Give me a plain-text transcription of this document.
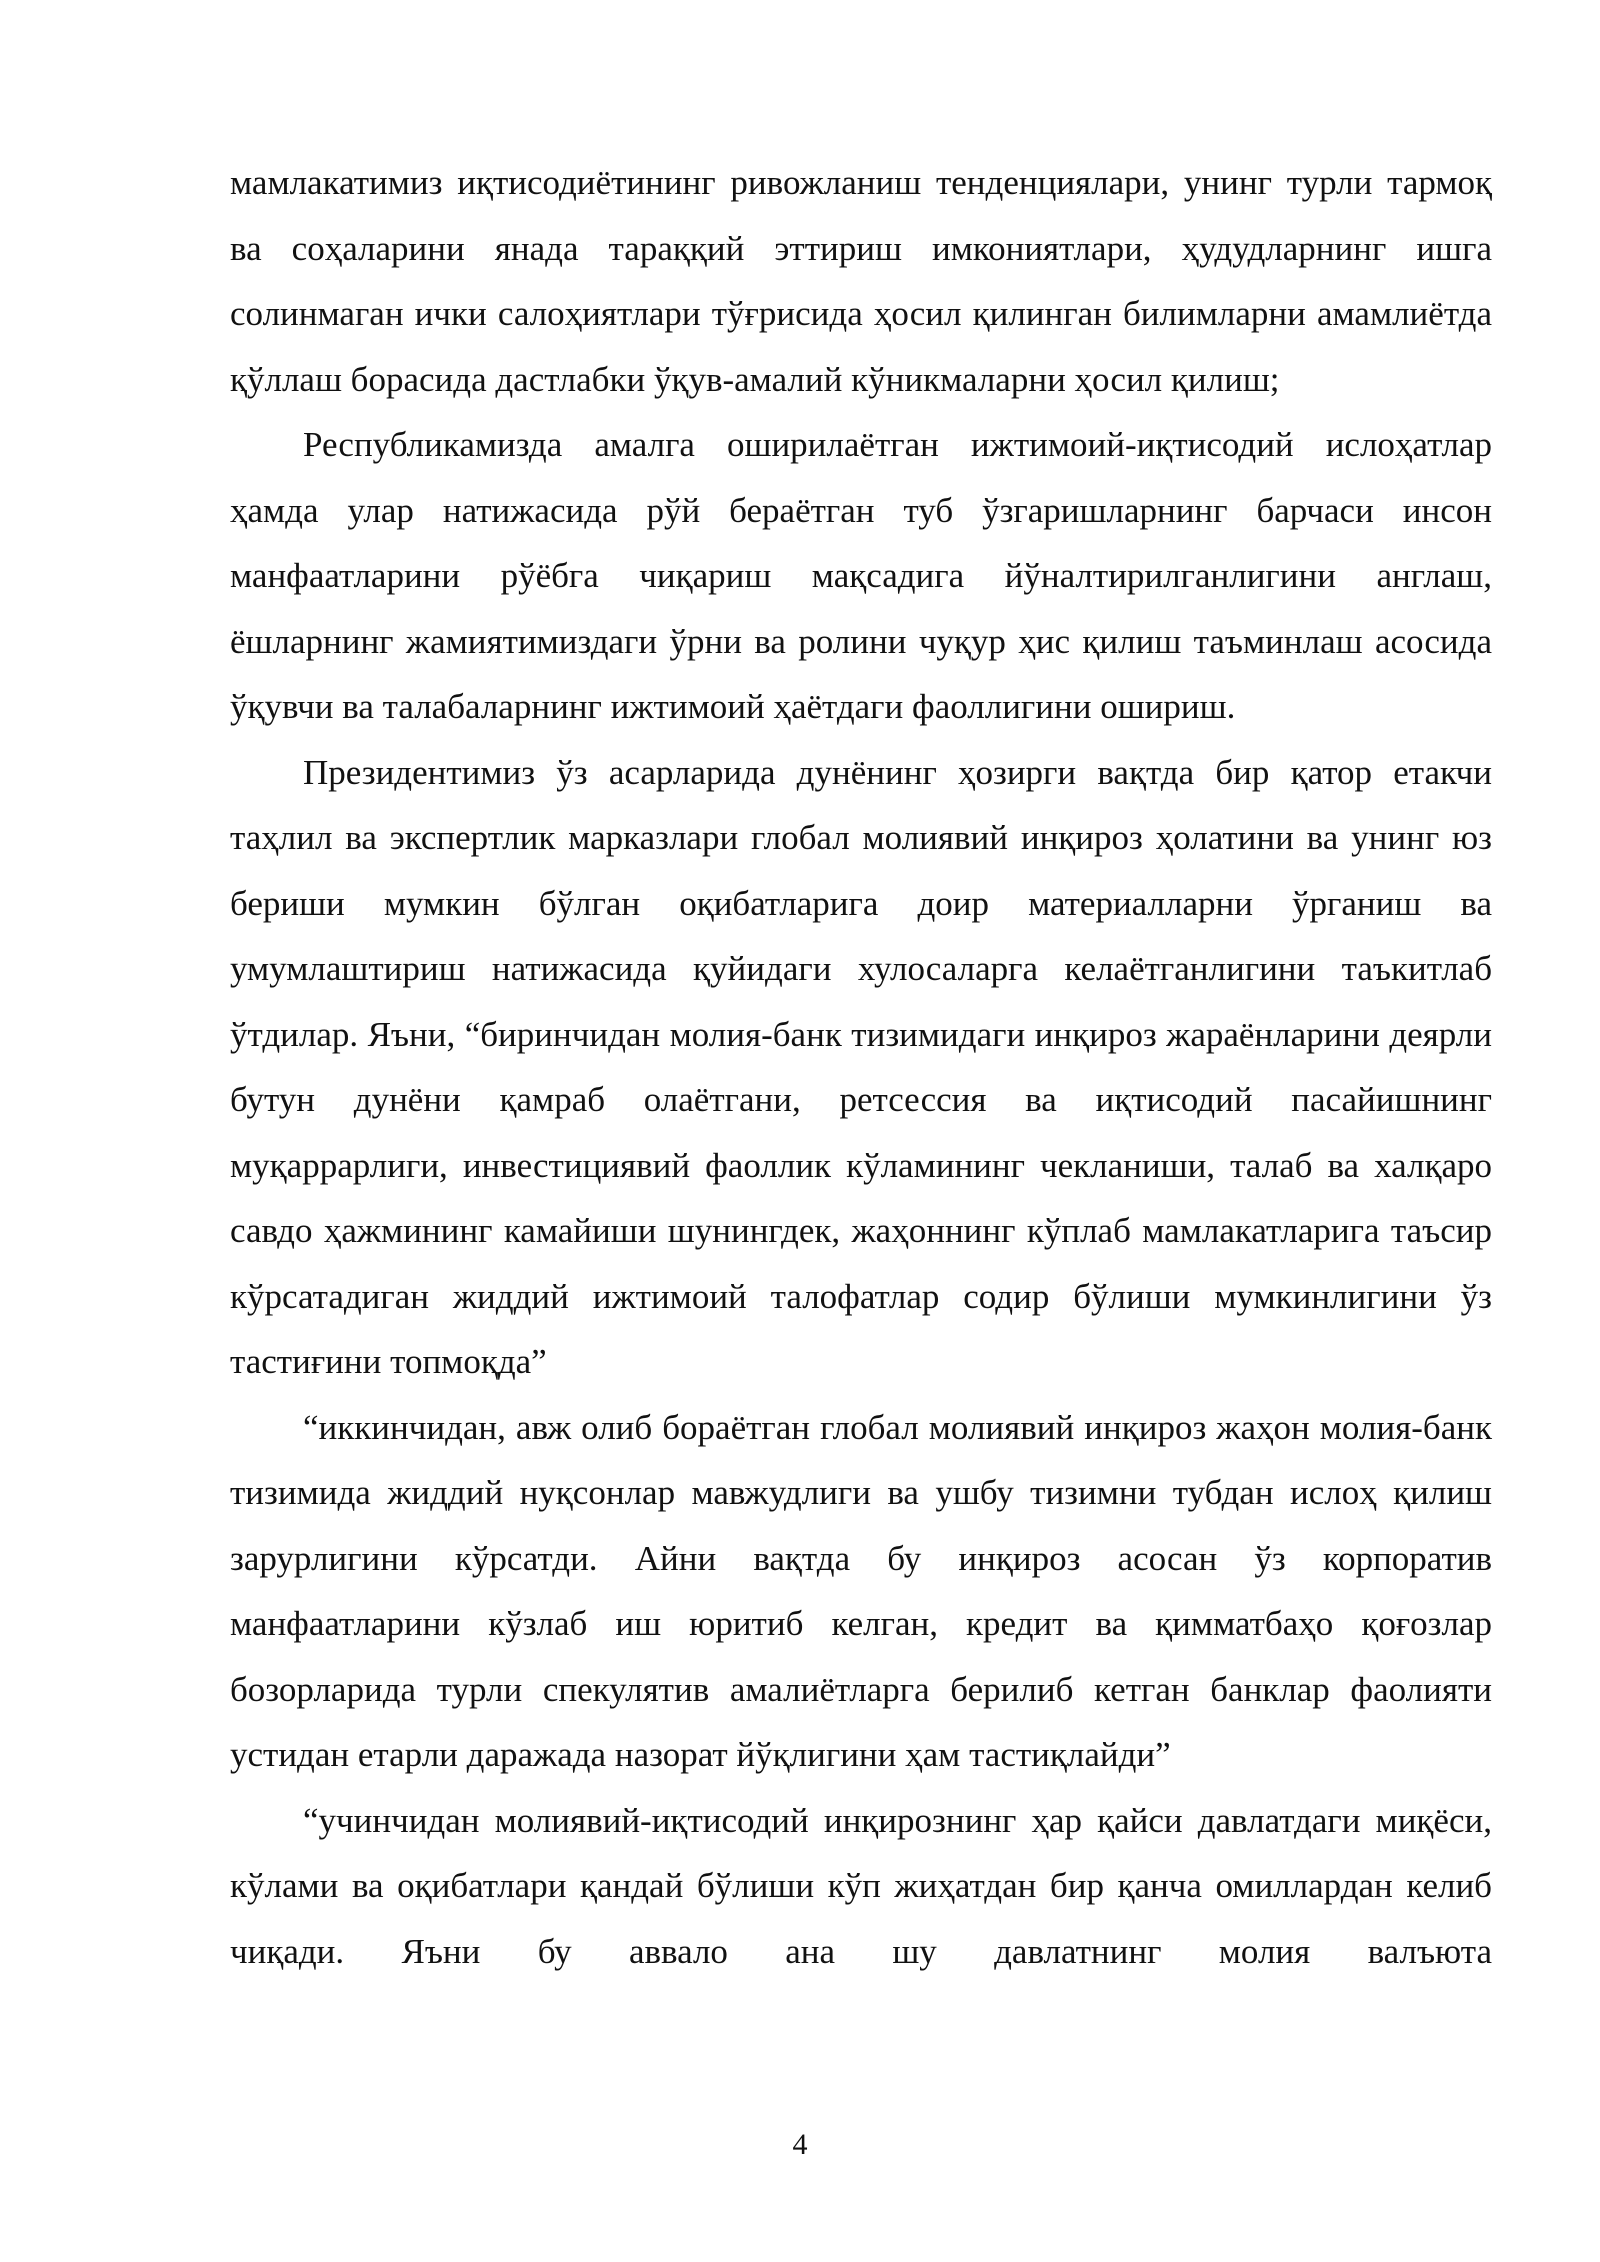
мамлакатимиз иқтисодиётининг ривожланиш тенденциялари, унинг турли тармоқ ва соҳаларини янада тараққий эттириш имкониятлари, ҳудудларнинг ишга солинмаган ички салоҳиятлари тўғрисида ҳосил қилинган билимларни амамлиётда қўллаш борасида дастлабки ўқув-амалий кўникмаларни ҳосил қилиш;

Республикамизда амалга оширилаётган ижтимоий-иқтисодий ислоҳатлар ҳамда улар натижасида рўй бераётган туб ўзгаришларнинг барчаси инсон манфаатларини рўёбга чиқариш мақсадига йўналтирилганлигини англаш, ёшларнинг жамиятимиздаги ўрни ва ролини чуқур ҳис қилиш таъминлаш асосида ўқувчи ва талабаларнинг ижтимоий ҳаётдаги фаоллигини ошириш.

Президентимиз ўз асарларида дунёнинг ҳозирги вақтда бир қатор етакчи таҳлил ва экспертлик марказлари глобал молиявий инқироз ҳолатини ва унинг юз бериши мумкин бўлган оқибатларига доир материалларни ўрганиш ва умумлаштириш натижасида қуйидаги хулосаларга келаётганлигини таъкитлаб ўтдилар. Яъни, “биринчидан молия-банк тизимидаги инқироз жараёнларини деярли бутун дунёни қамраб олаётгани, ретсессия ва иқтисодий пасайишнинг муқаррарлиги, инвестициявий фаоллик кўламининг чекланиши, талаб ва халқаро савдо ҳажмининг камайиши шунингдек, жаҳоннинг кўплаб мамлакатларига таъсир кўрсатадиган жиддий ижтимоий талофатлар содир бўлиши мумкинлигини ўз тастиғини топмоқда”

“иккинчидан, авж олиб бораётган глобал молиявий инқироз жаҳон молия-банк тизимида жиддий нуқсонлар мавжудлиги ва ушбу тизимни тубдан ислоҳ қилиш зарурлигини кўрсатди. Айни вақтда бу инқироз асосан ўз корпоратив манфаатларини кўзлаб иш юритиб келган, кредит ва қимматбаҳо қоғозлар бозорларида турли спекулятив амалиётларга берилиб кетган банклар фаолияти устидан етарли даражада назорат йўқлигини ҳам тастиқлайди”

“учинчидан молиявий-иқтисодий инқирознинг ҳар қайси давлатдаги миқёси, кўлами ва оқибатлари қандай бўлиши кўп жиҳатдан бир қанча омиллардан келиб чиқади. Яъни бу аввало ана шу давлатнинг молия валъюта

4
